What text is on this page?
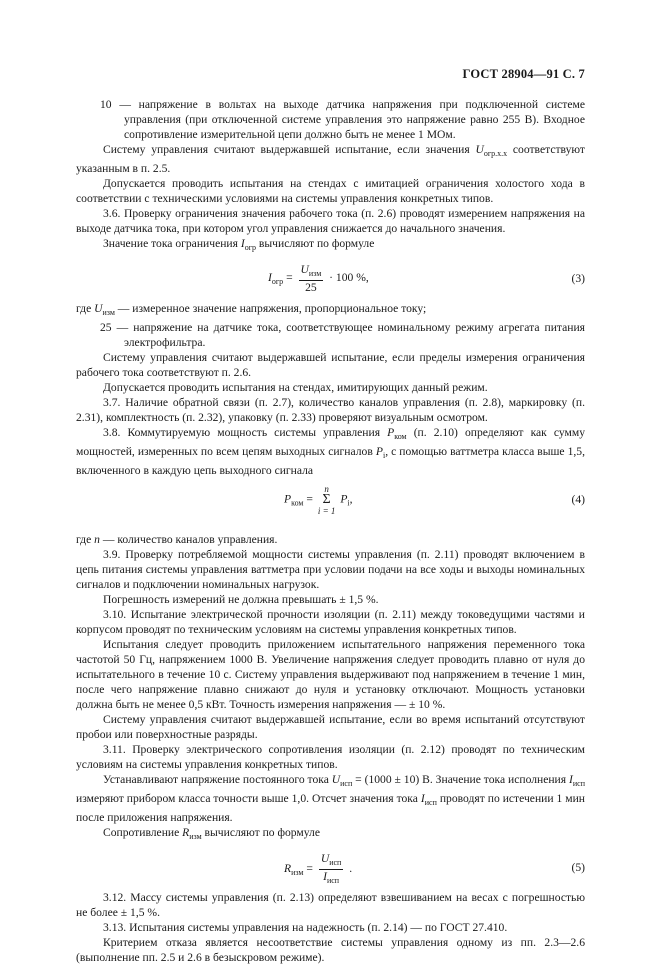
ГОСТ 28904—91 С. 7

10 — напряжение в вольтах на выходе датчика напряжения при подключенной системе управления (при отключенной системе управления это напряжение равно 255 В). Входное сопротивление измерительной цепи должно быть не менее 1 МОм.

Систему управления считают выдержавшей испытание, если значения $U_{огр.х.х}$ соответствуют указанным в п. 2.5.

Допускается проводить испытания на стендах с имитацией ограничения холостого хода в соответствии с техническими условиями на системы управления конкретных типов.

3.6. Проверку ограничения значения рабочего тока (п. 2.6) проводят измерением напряжения на выходе датчика тока, при котором угол управления снижается до начального значения.

Значение тока ограничения $I_{огр}$ вычисляют по формуле

$I_{огр} = \frac{U_{изм}}{25} \cdot 100$ %,	(3)

где $U_{изм}$ — измеренное значение напряжения, пропорциональное току;

25 — напряжение на датчике тока, соответствующее номинальному режиму агрегата питания электрофильтра.

Систему управления считают выдержавшей испытание, если пределы измерения ограничения рабочего тока соответствуют п. 2.6.

Допускается проводить испытания на стендах, имитирующих данный режим.

3.7. Наличие обратной связи (п. 2.7), количество каналов управления (п. 2.8), маркировку (п. 2.31), комплектность (п. 2.32), упаковку (п. 2.33) проверяют визуальным осмотром.

3.8. Коммутируемую мощность системы управления $P_{ком}$ (п. 2.10) определяют как сумму мощностей, измеренных по всем цепям выходных сигналов $P_i$, с помощью ваттметра класса выше 1,5, включенного в каждую цепь выходного сигнала

$P_{ком} = n$
Σ
i = 1 $P_i$,	(4)

где n — количество каналов управления.

3.9. Проверку потребляемой мощности системы управления (п. 2.11) проводят включением в цепь питания системы управления ваттметра при условии подачи на все ходы и выходы номинальных сигналов и подключении номинальных нагрузок.

Погрешность измерений не должна превышать ± 1,5 %.

3.10. Испытание электрической прочности изоляции (п. 2.11) между токоведущими частями и корпусом проводят по техническим условиям на системы управления конкретных типов.

Испытания следует проводить приложением испытательного напряжения переменного тока частотой 50 Гц, напряжением 1000 В. Увеличение напряжения следует проводить плавно от нуля до испытательного в течение 10 с. Систему управления выдерживают под напряжением в течение 1 мин, после чего напряжение плавно снижают до нуля и установку отключают. Мощность установки должна быть не менее 0,5 кВт. Точность измерения напряжения — ± 10 %.

Систему управления считают выдержавшей испытание, если во время испытаний отсутствуют пробои или поверхностные разряды.

3.11. Проверку электрического сопротивления изоляции (п. 2.12) проводят по техническим условиям на системы управления конкретных типов.

Устанавливают напряжение постоянного тока $U_{исп} = (1000 \pm 10)$ В. Значение тока исполнения $I_{исп}$ измеряют прибором класса точности выше 1,0. Отсчет значения тока $I_{исп}$ проводят по истечении 1 мин после приложения напряжения.

Сопротивление $R_{изм}$ вычисляют по формуле

$R_{изм} = \frac{U_{исп}}{I_{исп}}$ .	(5)

3.12. Массу системы управления (п. 2.13) определяют взвешиванием на весах с погрешностью не более ± 1,5 %.

3.13. Испытания системы управления на надежность (п. 2.14) — по ГОСТ 27.410.

Критерием отказа является несоответствие системы управления одному из пп. 2.3—2.6 (выполнение пп. 2.5 и 2.6 в безыскровом режиме).
